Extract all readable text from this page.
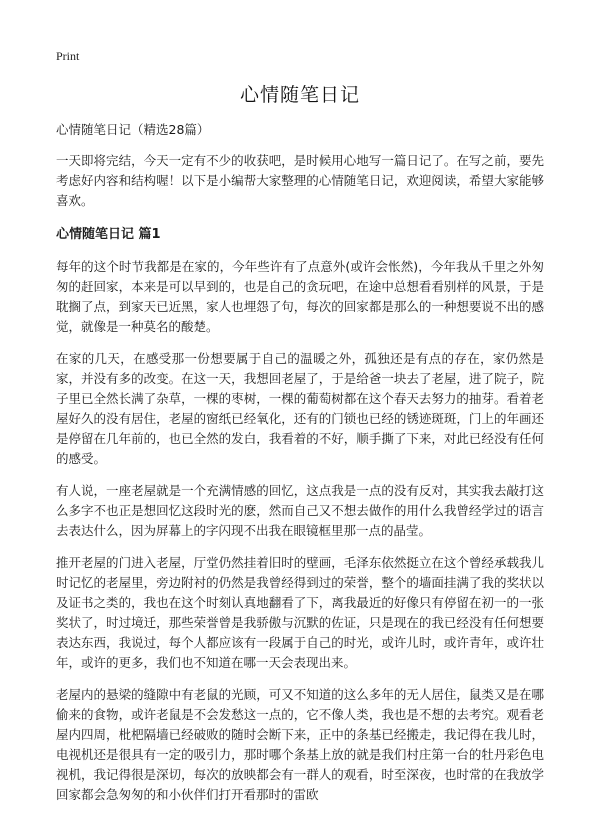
Print
心情随笔日记

心情随笔日记（精选28篇）

一天即将完结，今天一定有不少的收获吧，是时候用心地写一篇日记了。在写之前，要先考虑好内容和结构喔！以下是小编帮大家整理的心情随笔日记，欢迎阅读，希望大家能够喜欢。

心情随笔日记 篇1

每年的这个时节我都是在家的，今年些许有了点意外(或许会怅然)，今年我从千里之外匆匆的赶回家，本来是可以早到的，也是自己的贪玩吧，在途中总想看看别样的风景，于是耽搁了点，到家天已近黑，家人也埋怨了句，每次的回家都是那么的一种想要说不出的感觉，就像是一种莫名的酸楚。

在家的几天，在感受那一份想要属于自己的温暖之外，孤独还是有点的存在，家仍然是家，并没有多的改变。在这一天，我想回老屋了，于是给爸一块去了老屋，进了院子，院子里已全然长满了杂草，一棵的枣树，一棵的葡萄树都在这个春天去努力的抽芽。看着老屋好久的没有居住，老屋的窗纸已经氧化，还有的门锁也已经的锈迹斑斑，门上的年画还是停留在几年前的，也已全然的发白，我看着的不好，顺手撕了下来，对此已经没有任何的感受。

有人说，一座老屋就是一个充满情感的回忆，这点我是一点的没有反对，其实我去敲打这么多字不也正是想回忆这段时光的麽，然而自己又不想去做作的用什么我曾经学过的语言去表达什么，因为屏幕上的字闪现不出我在眼镜框里那一点的晶莹。

推开老屋的门进入老屋，厅堂仍然挂着旧时的壁画，毛泽东依然挺立在这个曾经承载我儿时记忆的老屋里，旁边附衬的仍然是我曾经得到过的荣誉，整个的墙面挂满了我的奖状以及证书之类的，我也在这个时刻认真地翻看了下，离我最近的好像只有停留在初一的一张奖状了，时过境迁，那些荣誉曾是我骄傲与沉默的佐证，只是现在的我已经没有任何想要表达东西，我说过，每个人都应该有一段属于自己的时光，或许儿时，或许青年，或许壮年，或许的更多，我们也不知道在哪一天会表现出来。

老屋内的悬梁的缝隙中有老鼠的光顾，可又不知道的这么多年的无人居住，鼠类又是在哪偷来的食物，或许老鼠是不会发愁这一点的，它不像人类，我也是不想的去考究。观看老屋内四周，枇杷隔墙已经破败的随时会断下来，正中的条基已经搬走，我记得在我儿时，电视机还是很具有一定的吸引力，那时哪个条基上放的就是我们村庄第一台的牡丹彩色电视机，我记得很是深切，每次的放映都会有一群人的观看，时至深夜，也时常的在我放学回家都会急匆匆的和小伙伴们打开看那时的雷欧
